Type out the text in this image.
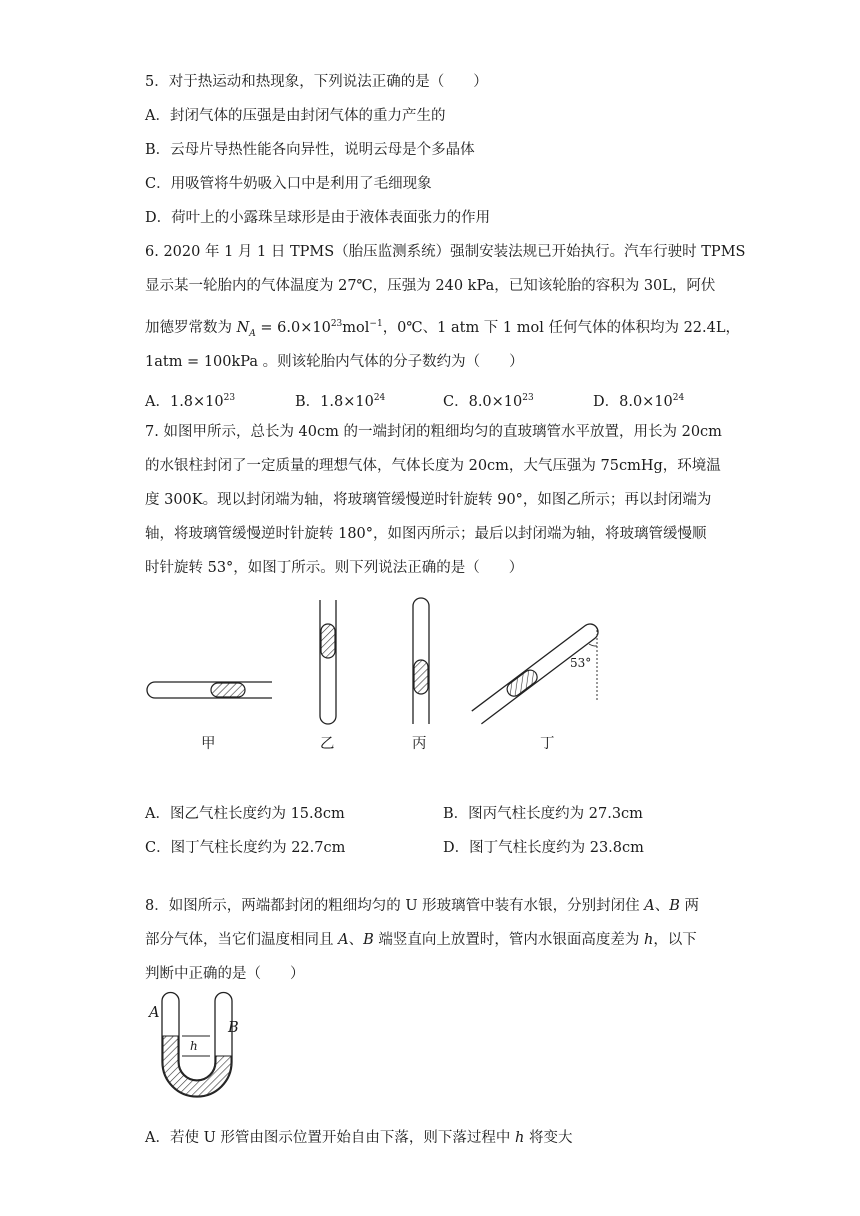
5．对于热运动和热现象，下列说法正确的是（　　）
A．封闭气体的压强是由封闭气体的重力产生的
B．云母片导热性能各向异性，说明云母是个多晶体
C．用吸管将牛奶吸入口中是利用了毛细现象
D．荷叶上的小露珠呈球形是由于液体表面张力的作用
6. 2020 年 1 月 1 日 TPMS（胎压监测系统）强制安装法规已开始执行。汽车行驶时 TPMS
显示某一轮胎内的气体温度为 27℃，压强为 240 kPa，已知该轮胎的容积为 30L，阿伏
加德罗常数为 $N_A = 6.0\times 10^{23}mol^{-1}$，0℃、1 atm 下 1 mol 任何气体的体积均为 22.4L，
1atm = 100kPa 。则该轮胎内气体的分子数约为（　　）
A．$1.8\times 10^{23}$	B．$1.8\times 10^{24}$	C．$8.0\times 10^{23}$	D．$8.0\times 10^{24}$
7. 如图甲所示，总长为 40cm 的一端封闭的粗细均匀的直玻璃管水平放置，用长为 20cm
的水银柱封闭了一定质量的理想气体，气体长度为 20cm，大气压强为 75cmHg，环境温
度 300K。现以封闭端为轴，将玻璃管缓慢逆时针旋转 90°，如图乙所示；再以封闭端为
轴，将玻璃管缓慢逆时针旋转 180°，如图丙所示；最后以封闭端为轴，将玻璃管缓慢顺
时针旋转 53°，如图丁所示。则下列说法正确的是（　　）
53°
甲	乙	丙	丁
A．图乙气柱长度约为 15.8cm	B．图丙气柱长度约为 27.3cm
C．图丁气柱长度约为 22.7cm	D．图丁气柱长度约为 23.8cm
8．如图所示，两端都封闭的粗细均匀的 U 形玻璃管中装有水银，分别封闭住 A、B 两
部分气体，当它们温度相同且 A、B 端竖直向上放置时，管内水银面高度差为 h，以下
判断中正确的是（　　）
A
B
h
A．若使 U 形管由图示位置开始自由下落，则下落过程中 h 将变大
